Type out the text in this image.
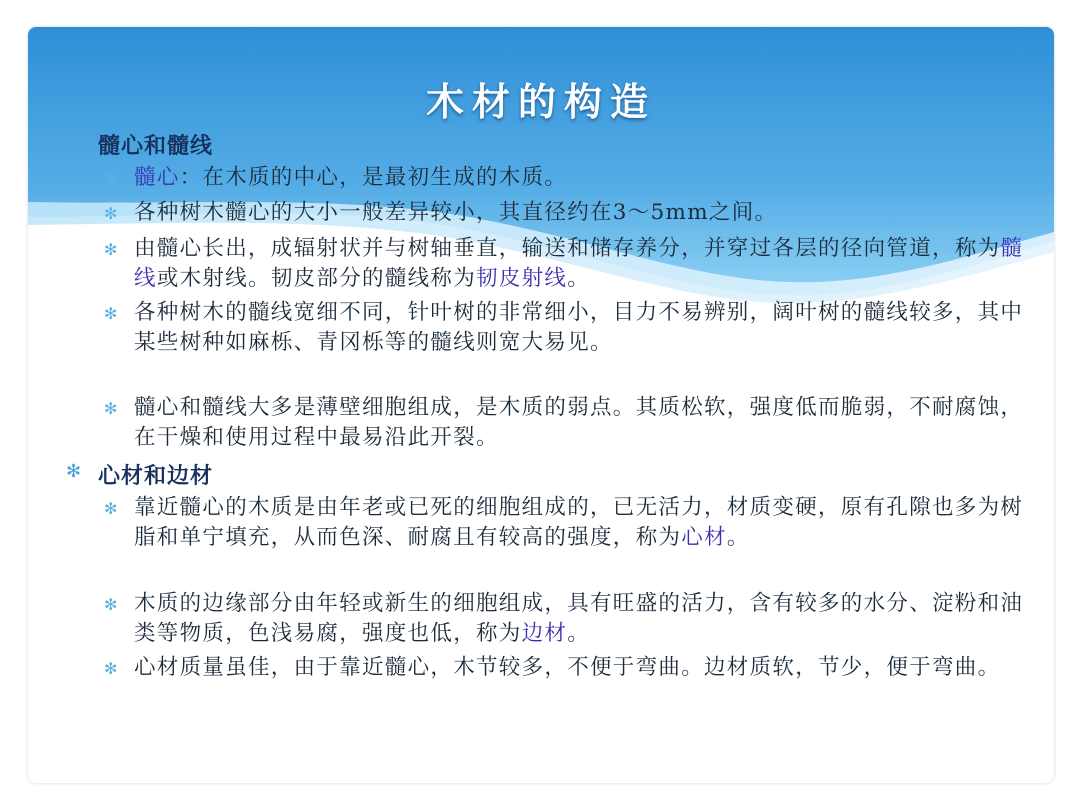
木材的构造
髓心和髓线
✻ 髓心：在木质的中心，是最初生成的木质。
✻ 各种树木髓心的大小一般差异较小，其直径约在3～5mm之间。
✻ 由髓心长出，成辐射状并与树轴垂直，输送和储存养分，并穿过各层的径向管道，称为髓线或木射线。韧皮部分的髓线称为韧皮射线。
✻ 各种树木的髓线宽细不同，针叶树的非常细小，目力不易辨别，阔叶树的髓线较多，其中某些树种如麻栎、青冈栎等的髓线则宽大易见。
✻ 髓心和髓线大多是薄壁细胞组成，是木质的弱点。其质松软，强度低而脆弱，不耐腐蚀，在干燥和使用过程中最易沿此开裂。
✻ 心材和边材
✻ 靠近髓心的木质是由年老或已死的细胞组成的，已无活力，材质变硬，原有孔隙也多为树脂和单宁填充，从而色深、耐腐且有较高的强度，称为心材。
✻ 木质的边缘部分由年轻或新生的细胞组成，具有旺盛的活力，含有较多的水分、淀粉和油类等物质，色浅易腐，强度也低，称为边材。
✻ 心材质量虽佳，由于靠近髓心，木节较多，不便于弯曲。边材质软，节少，便于弯曲。
